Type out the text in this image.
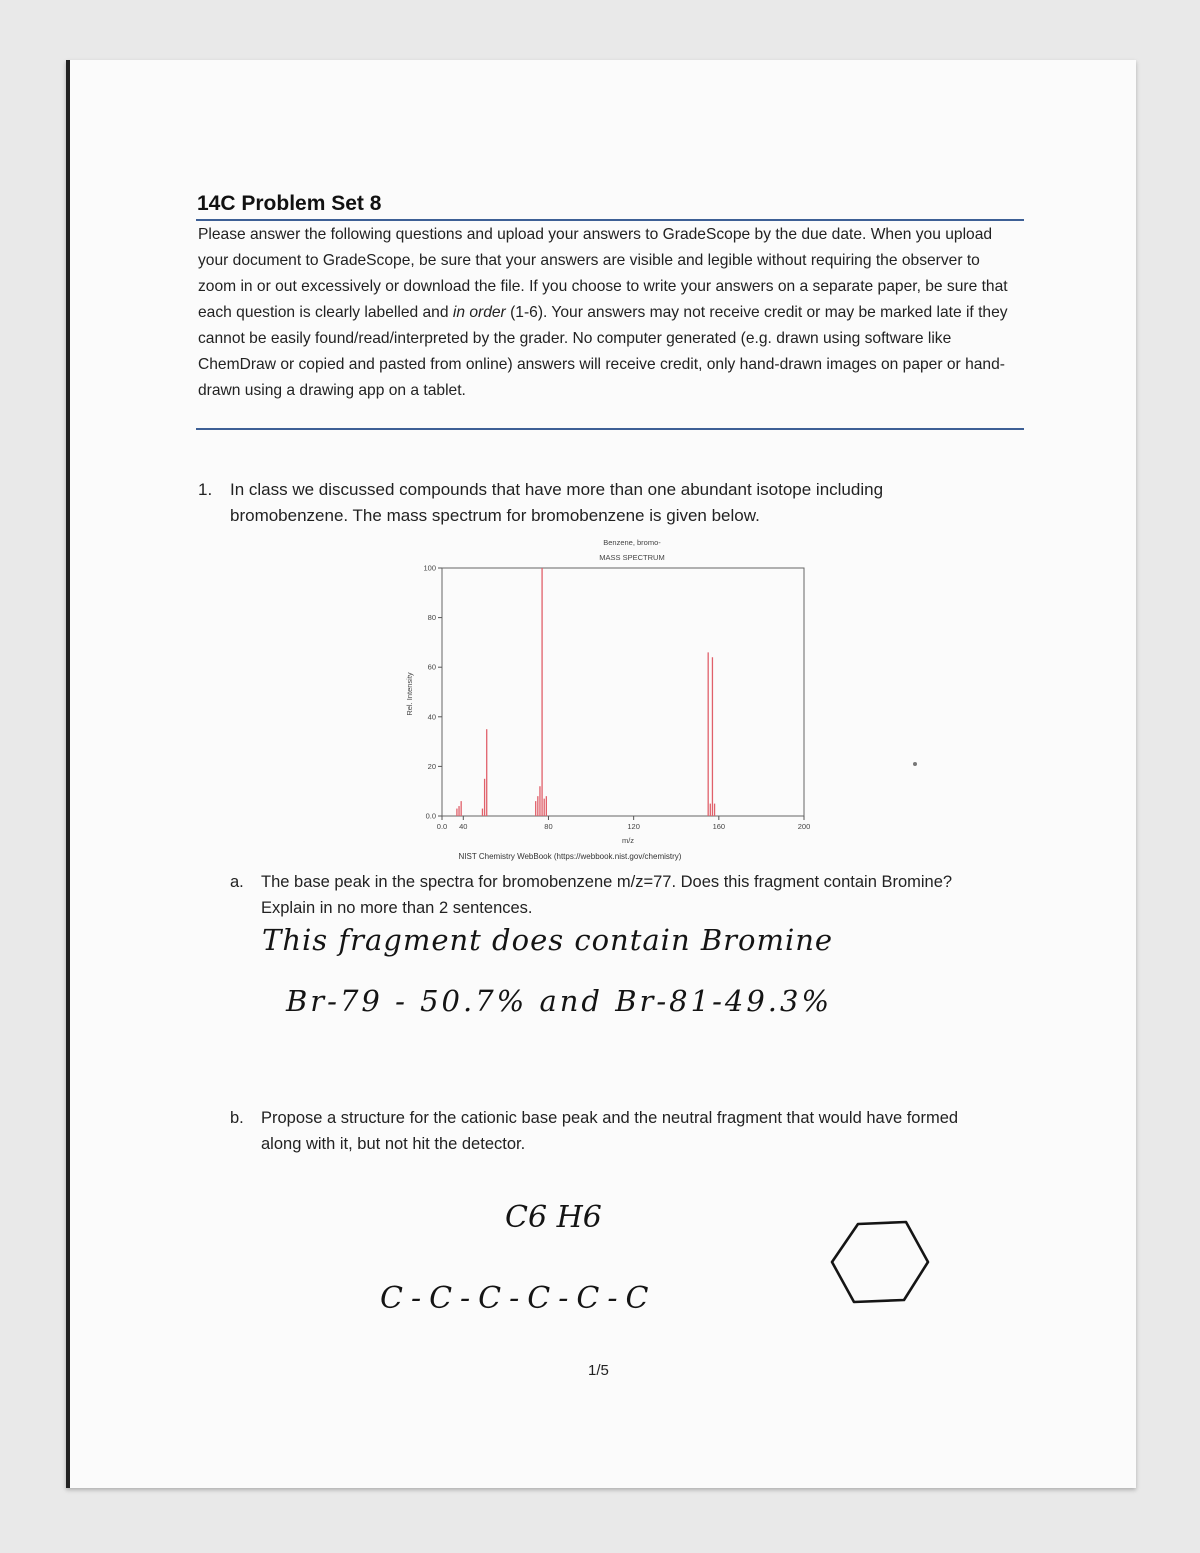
14C Problem Set 8
Please answer the following questions and upload your answers to GradeScope by the due date. When you upload your document to GradeScope, be sure that your answers are visible and legible without requiring the observer to zoom in or out excessively or download the file. If you choose to write your answers on a separate paper, be sure that each question is clearly labelled and in order (1-6). Your answers may not receive credit or may be marked late if they cannot be easily found/read/interpreted by the grader. No computer generated (e.g. drawn using software like ChemDraw or copied and pasted from online) answers will receive credit, only hand-drawn images on paper or hand-drawn using a drawing app on a tablet.
1. In class we discussed compounds that have more than one abundant isotope including bromobenzene. The mass spectrum for bromobenzene is given below.
Benzene, bromo-
MASS SPECTRUM
0.0 40	80	120	160	200
0.0
20
40
60
80
100
Rel. Intensity
m/z
NIST Chemistry WebBook (https://webbook.nist.gov/chemistry)
a. The base peak in the spectra for bromobenzene m/z=77. Does this fragment contain Bromine? Explain in no more than 2 sentences.
This fragment does contain Bromine
Br-79 - 50.7% and Br-81-49.3%
b. Propose a structure for the cationic base peak and the neutral fragment that would have formed along with it, but not hit the detector.
C6 H6
C-C-C-C-C-C
1/5
